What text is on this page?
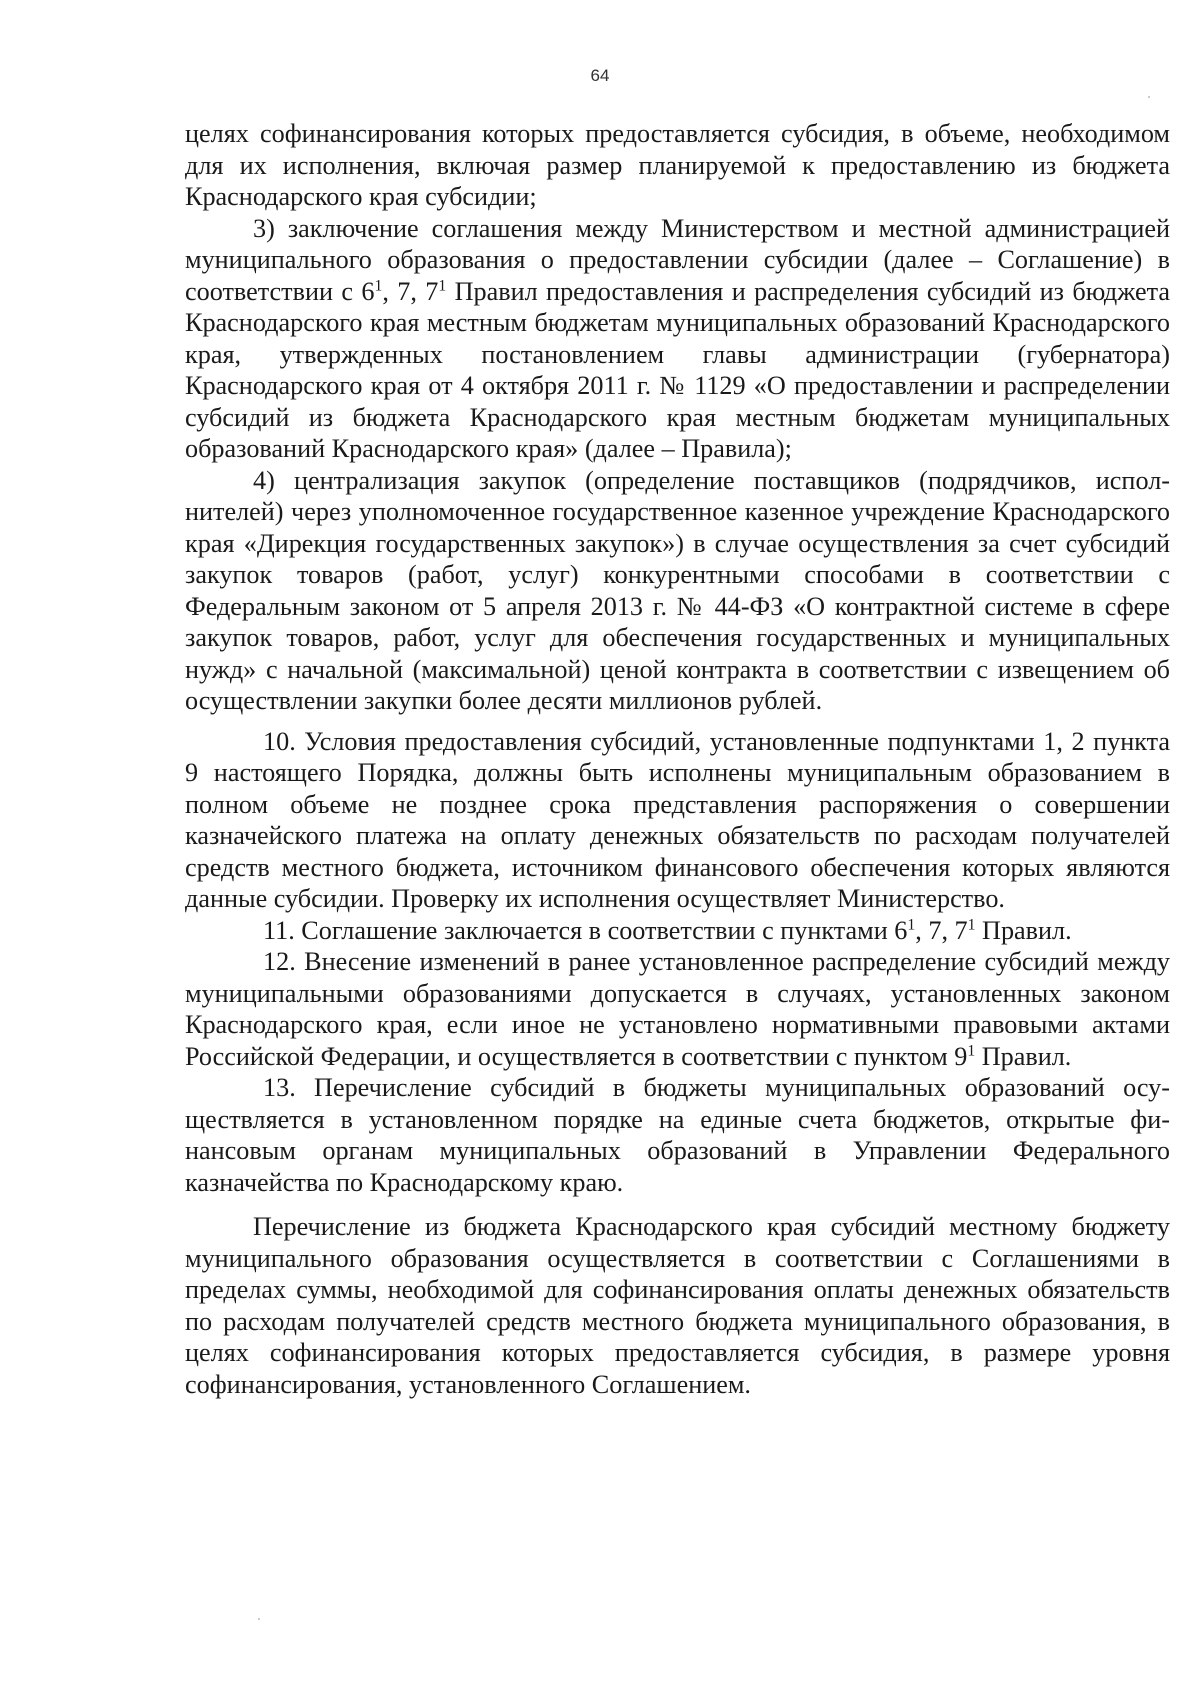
64

целях софинансирования которых предоставляется субсидия, в объеме, необходимом для их исполнения, включая размер планируемой к предоставлению из бюджета Краснодарского края субсидии;

3) заключение соглашения между Министерством и местной администрацией муниципального образования о предоставлении субсидии (далее – Соглашение) в соответствии с $6^1$, 7, $7^1$ Правил предоставления и распределения субсидий из бюджета Краснодарского края местным бюджетам муниципальных образований Краснодарского края, утвержденных постановлением главы администрации (губернатора) Краснодарского края от 4 октября 2011 г. № 1129 «О предоставлении и распределении субсидий из бюджета Краснодарского края местным бюджетам муниципальных образований Краснодарского края» (далее – Правила);

4) централизация закупок (определение поставщиков (подрядчиков, исполнителей) через уполномоченное государственное казенное учреждение Краснодарского края «Дирекция государственных закупок») в случае осуществления за счет субсидий закупок товаров (работ, услуг) конкурентными способами в соответствии с Федеральным законом от 5 апреля 2013 г. № 44-ФЗ «О контрактной системе в сфере закупок товаров, работ, услуг для обеспечения государственных и муниципальных нужд» с начальной (максимальной) ценой контракта в соответствии с извещением об осуществлении закупки более десяти миллионов рублей.

10. Условия предоставления субсидий, установленные подпунктами 1, 2 пункта 9 настоящего Порядка, должны быть исполнены муниципальным образованием в полном объеме не позднее срока представления распоряжения о совершении казначейского платежа на оплату денежных обязательств по расходам получателей средств местного бюджета, источником финансового обеспечения которых являются данные субсидии. Проверку их исполнения осуществляет Министерство.

11. Соглашение заключается в соответствии с пунктами $6^1$, 7, $7^1$ Правил.

12. Внесение изменений в ранее установленное распределение субсидий между муниципальными образованиями допускается в случаях, установленных законом Краснодарского края, если иное не установлено нормативными правовыми актами Российской Федерации, и осуществляется в соответствии с пунктом $9^1$ Правил.

13. Перечисление субсидий в бюджеты муниципальных образований осуществляется в установленном порядке на единые счета бюджетов, открытые финансовым органам муниципальных образований в Управлении Федерального казначейства по Краснодарскому краю.

Перечисление из бюджета Краснодарского края субсидий местному бюджету муниципального образования осуществляется в соответствии с Соглашениями в пределах суммы, необходимой для софинансирования оплаты денежных обязательств по расходам получателей средств местного бюджета муниципального образования, в целях софинансирования которых предоставляется субсидия, в размере уровня софинансирования, установленного Соглашением.
